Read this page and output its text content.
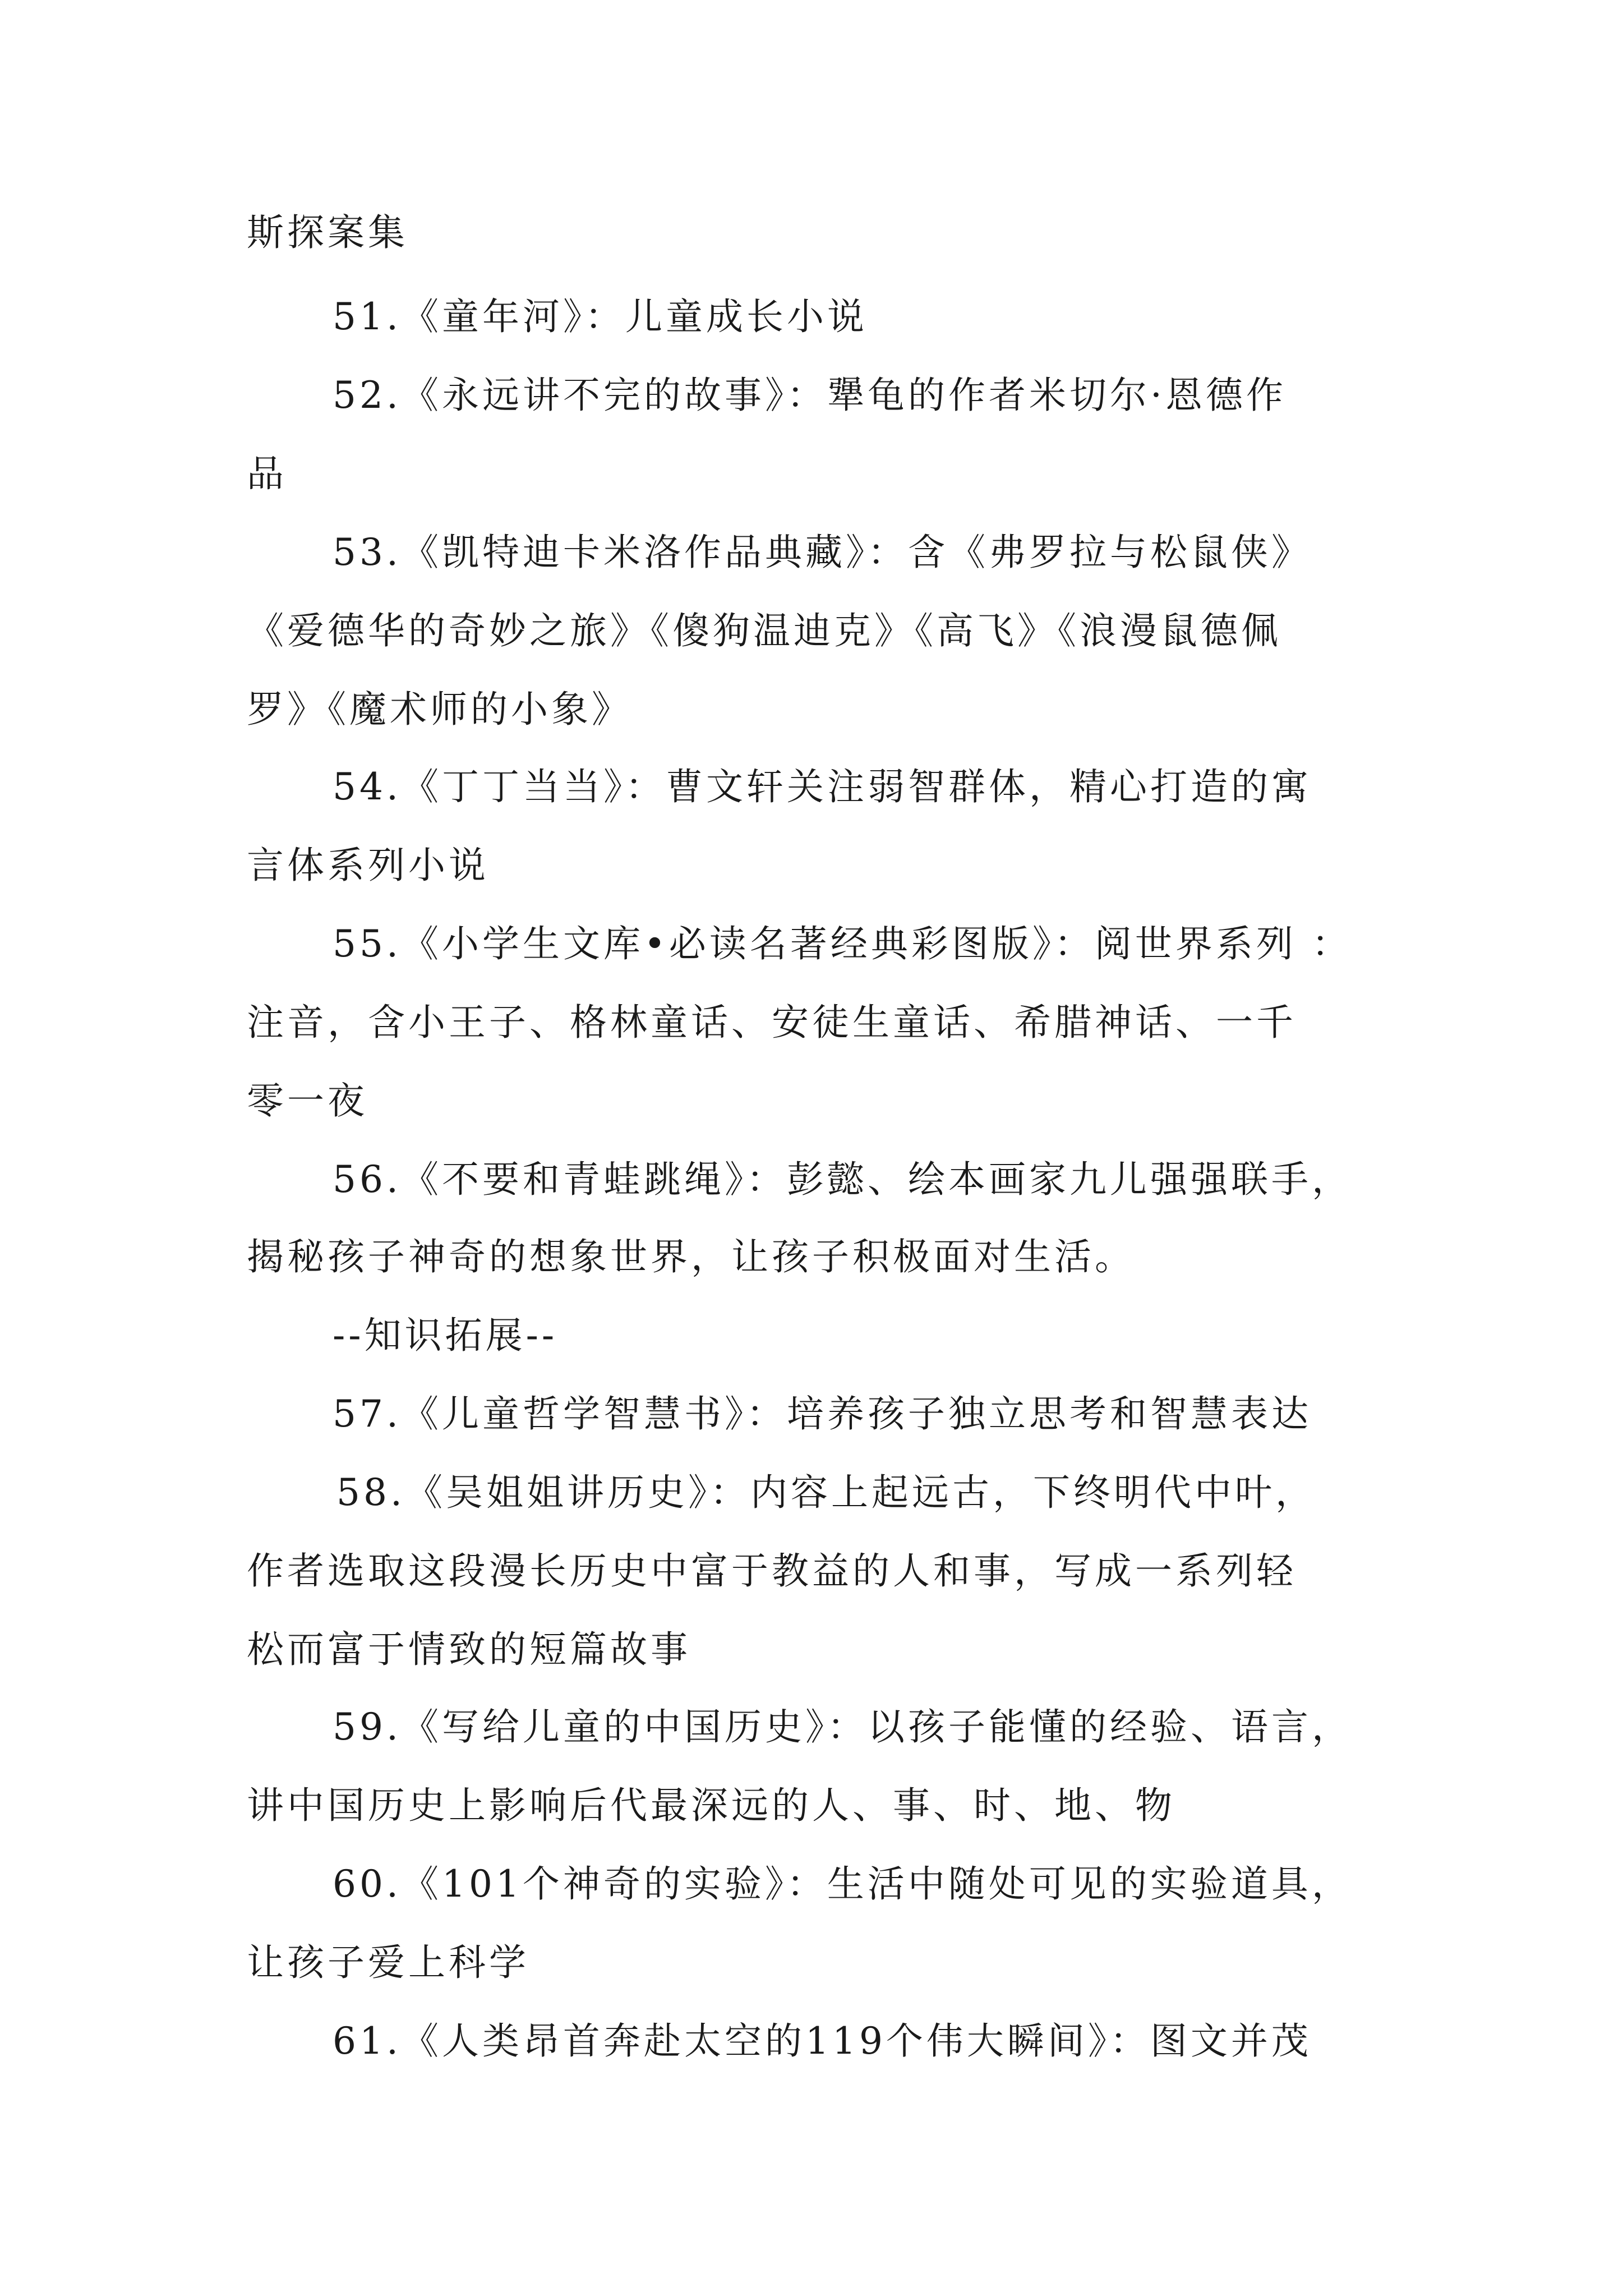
斯探案集

51.《童年河》：儿童成长小说

52.《永远讲不完的故事》：犟龟的作者米切尔·恩德作

品

53.《凯特迪卡米洛作品典藏》：含《弗罗拉与松鼠侠》

《爱德华的奇妙之旅》《傻狗温迪克》《高飞》《浪漫鼠德佩

罗》《魔术师的小象》

54.《丁丁当当》：曹文轩关注弱智群体，精心打造的寓

言体系列小说

55.《小学生文库•必读名著经典彩图版》：阅世界系列 ：

注音，含小王子、格林童话、安徒生童话、希腊神话、一千

零一夜

56.《不要和青蛙跳绳》：彭懿、绘本画家九儿强强联手，

揭秘孩子神奇的想象世界，让孩子积极面对生活。

--知识拓展--

57.《儿童哲学智慧书》：培养孩子独立思考和智慧表达

58.《吴姐姐讲历史》：内容上起远古，下终明代中叶，

作者选取这段漫长历史中富于教益的人和事，写成一系列轻

松而富于情致的短篇故事

59.《写给儿童的中国历史》：以孩子能懂的经验、语言，

讲中国历史上影响后代最深远的人、事、时、地、物

60.《101个神奇的实验》：生活中随处可见的实验道具，

让孩子爱上科学

61.《人类昂首奔赴太空的119个伟大瞬间》：图文并茂
